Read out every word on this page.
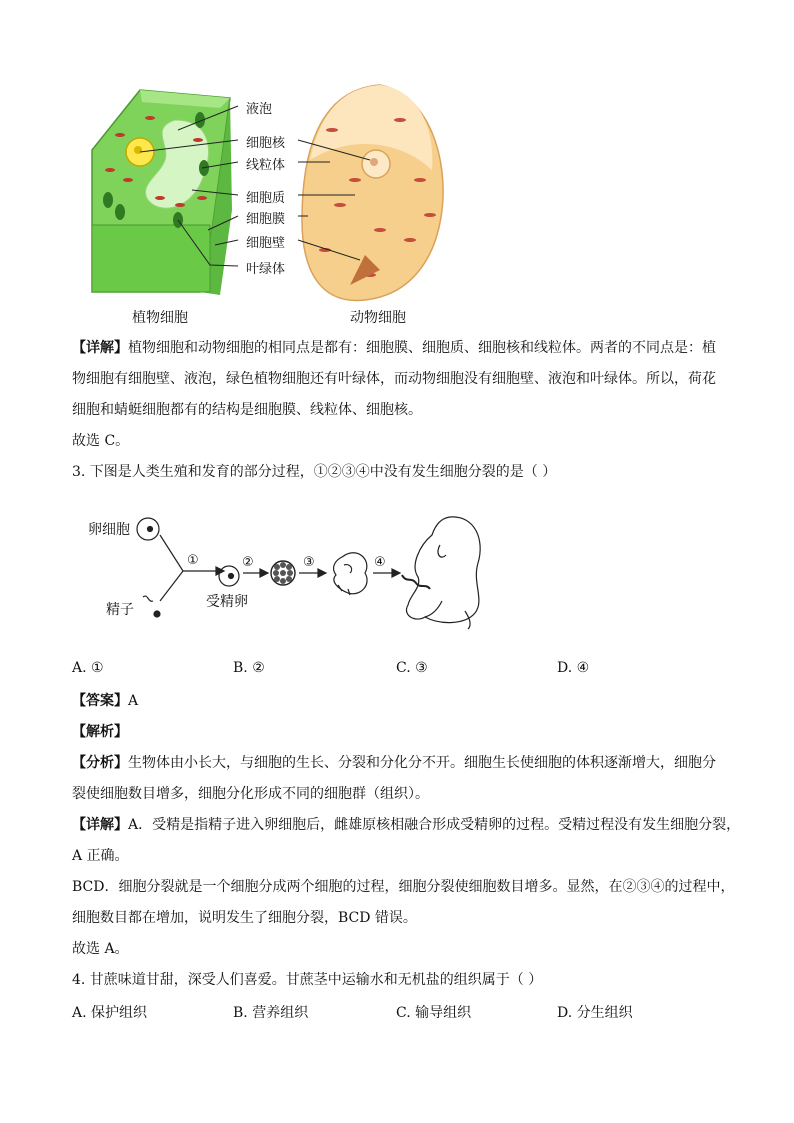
液泡
细胞核
线粒体
细胞质
细胞膜
细胞壁
叶绿体
植物细胞	动物细胞
【详解】植物细胞和动物细胞的相同点是都有：细胞膜、细胞质、细胞核和线粒体。两者的不同点是：植
物细胞有细胞壁、液泡，绿色植物细胞还有叶绿体，而动物细胞没有细胞壁、液泡和叶绿体。所以，荷花
细胞和蜻蜓细胞都有的结构是细胞膜、线粒体、细胞核。
故选 C。
3. 下图是人类生殖和发育的部分过程，①②③④中没有发生细胞分裂的是（ ）
卵细胞
精子	受精卵
①	②	③	④
A. ①	B. ②	C. ③	D. ④
【答案】A
【解析】
【分析】生物体由小长大，与细胞的生长、分裂和分化分不开。细胞生长使细胞的体积逐渐增大，细胞分
裂使细胞数目增多，细胞分化形成不同的细胞群（组织）。
【详解】A．受精是指精子进入卵细胞后，雌雄原核相融合形成受精卵的过程。受精过程没有发生细胞分裂，
A 正确。
BCD．细胞分裂就是一个细胞分成两个细胞的过程，细胞分裂使细胞数目增多。显然，在②③④的过程中，
细胞数目都在增加，说明发生了细胞分裂，BCD 错误。
故选 A。
4. 甘蔗味道甘甜，深受人们喜爱。甘蔗茎中运输水和无机盐的组织属于（ ）
A. 保护组织	B. 营养组织	C. 输导组织	D. 分生组织
